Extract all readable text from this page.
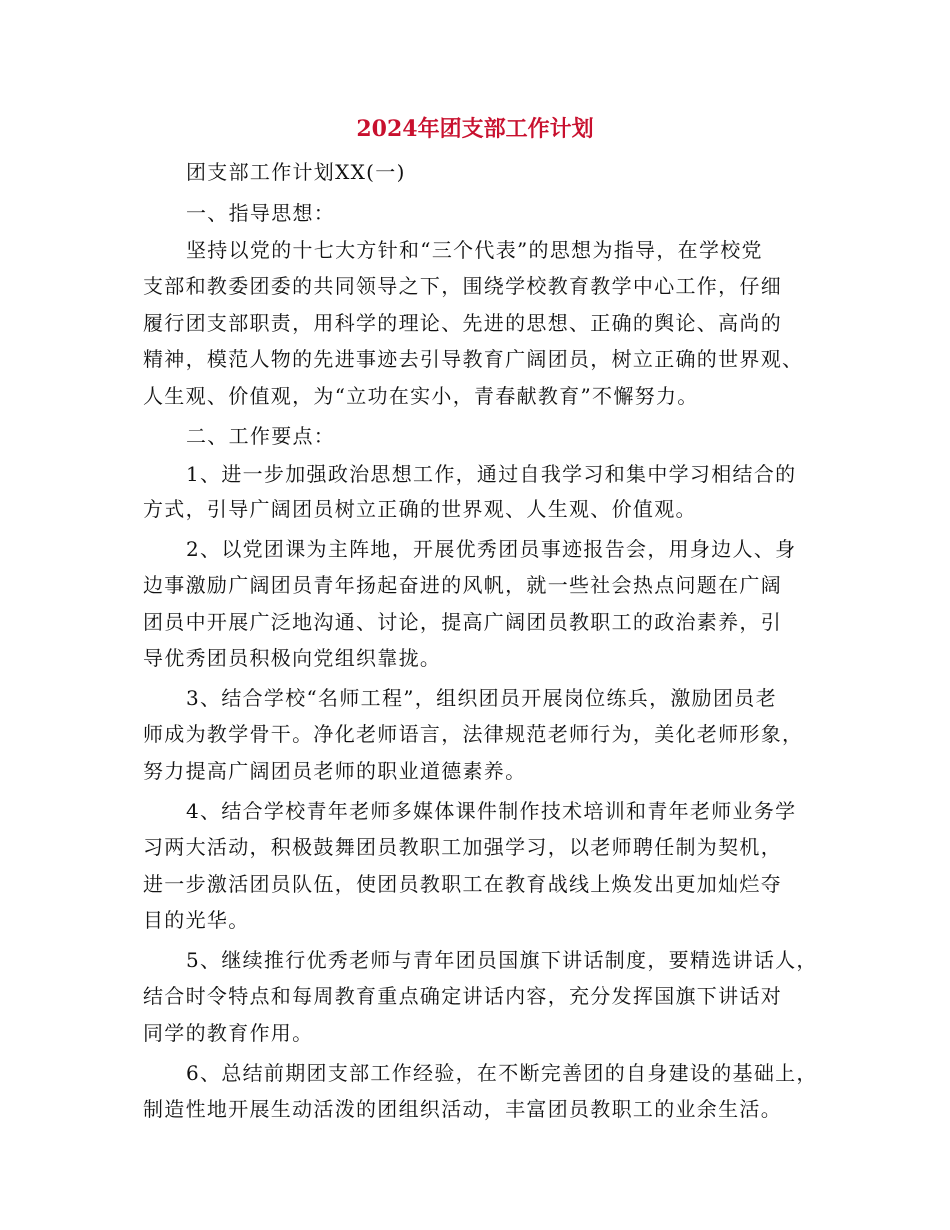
2024年团支部工作计划
团支部工作计划XX(一)
一、指导思想：
坚持以党的十七大方针和“三个代表”的思想为指导，在学校党
支部和教委团委的共同领导之下，围绕学校教育教学中心工作，仔细
履行团支部职责，用科学的理论、先进的思想、正确的舆论、高尚的
精神，模范人物的先进事迹去引导教育广阔团员，树立正确的世界观、
人生观、价值观，为“立功在实小，青春献教育”不懈努力。
二、工作要点：
1、进一步加强政治思想工作，通过自我学习和集中学习相结合的
方式，引导广阔团员树立正确的世界观、人生观、价值观。
2、以党团课为主阵地，开展优秀团员事迹报告会，用身边人、身
边事激励广阔团员青年扬起奋进的风帆，就一些社会热点问题在广阔
团员中开展广泛地沟通、讨论，提高广阔团员教职工的政治素养，引
导优秀团员积极向党组织靠拢。
3、结合学校“名师工程”，组织团员开展岗位练兵，激励团员老
师成为教学骨干。净化老师语言，法律规范老师行为，美化老师形象，
努力提高广阔团员老师的职业道德素养。
4、结合学校青年老师多媒体课件制作技术培训和青年老师业务学
习两大活动，积极鼓舞团员教职工加强学习，以老师聘任制为契机，
进一步激活团员队伍，使团员教职工在教育战线上焕发出更加灿烂夺
目的光华。
5、继续推行优秀老师与青年团员国旗下讲话制度，要精选讲话人，
结合时令特点和每周教育重点确定讲话内容，充分发挥国旗下讲话对
同学的教育作用。
6、总结前期团支部工作经验，在不断完善团的自身建设的基础上，
制造性地开展生动活泼的团组织活动，丰富团员教职工的业余生活。
